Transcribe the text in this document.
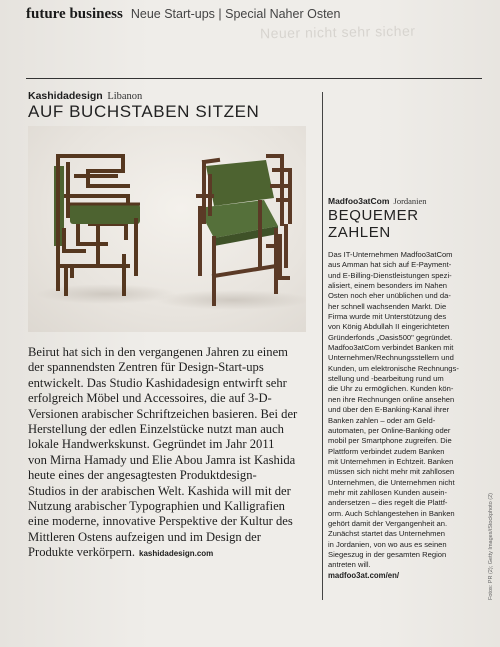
future business Neue Start-ups | Special Naher Osten
Neuer nicht sehr sicher
Kashidadesign Libanon
AUF BUCHSTABEN SITZEN
Beirut hat sich in den vergangenen Jahren zu einem
der spannendsten Zentren für Design-Start-ups
entwickelt. Das Studio Kashidadesign entwirft sehr
erfolgreich Möbel und Accessoires, die auf 3-D-
Versionen arabischer Schriftzeichen basieren. Bei der
Herstellung der edlen Einzelstücke nutzt man auch
lokale Handwerkskunst. Gegründet im Jahr 2011
von Mirna Hamady und Elie Abou Jamra ist Kashida
heute eines der angesagtesten Produktdesign-
Studios in der arabischen Welt. Kashida will mit der
Nutzung arabischer Typographien und Kalligrafien
eine moderne, innovative Perspektive der Kultur des
Mittleren Ostens aufzeigen und im Design der
Produkte verkörpern. kashidadesign.com
Madfoo3atCom Jordanien
BEQUEMER
ZAHLEN
Das IT-Unternehmen Madfoo3atCom
aus Amman hat sich auf E-Payment-
und E-Billing-Dienstleistungen spezi-
alisiert, einem besonders im Nahen
Osten noch eher unüblichen und da-
her schnell wachsenden Markt. Die
Firma wurde mit Unterstützung des
von König Abdullah II eingerichteten
Gründerfonds „Oasis500" gegründet.
Madfoo3atCom verbindet Banken mit
Unternehmen/Rechnungsstellern und
Kunden, um elektronische Rechnungs-
stellung und -bearbeitung rund um
die Uhr zu ermöglichen. Kunden kön-
nen ihre Rechnungen online ansehen
und über den E-Banking-Kanal ihrer
Banken zahlen – oder am Geld-
automaten, per Online-Banking oder
mobil per Smartphone zugreifen. Die
Plattform verbindet zudem Banken
mit Unternehmen in Echtzeit. Banken
müssen sich nicht mehr mit zahllosen
Unternehmen, die Unternehmen nicht
mehr mit zahllosen Kunden ausein-
andersetzen – dies regelt die Plattf-
orm. Auch Schlangestehen in Banken
gehört damit der Vergangenheit an.
Zunächst startet das Unternehmen
in Jordanien, von wo aus es seinen
Siegeszug in der gesamten Region
antreten will.
madfoo3at.com/en/	Fotos: PR (2); Getty Images/iStockphoto (2)
